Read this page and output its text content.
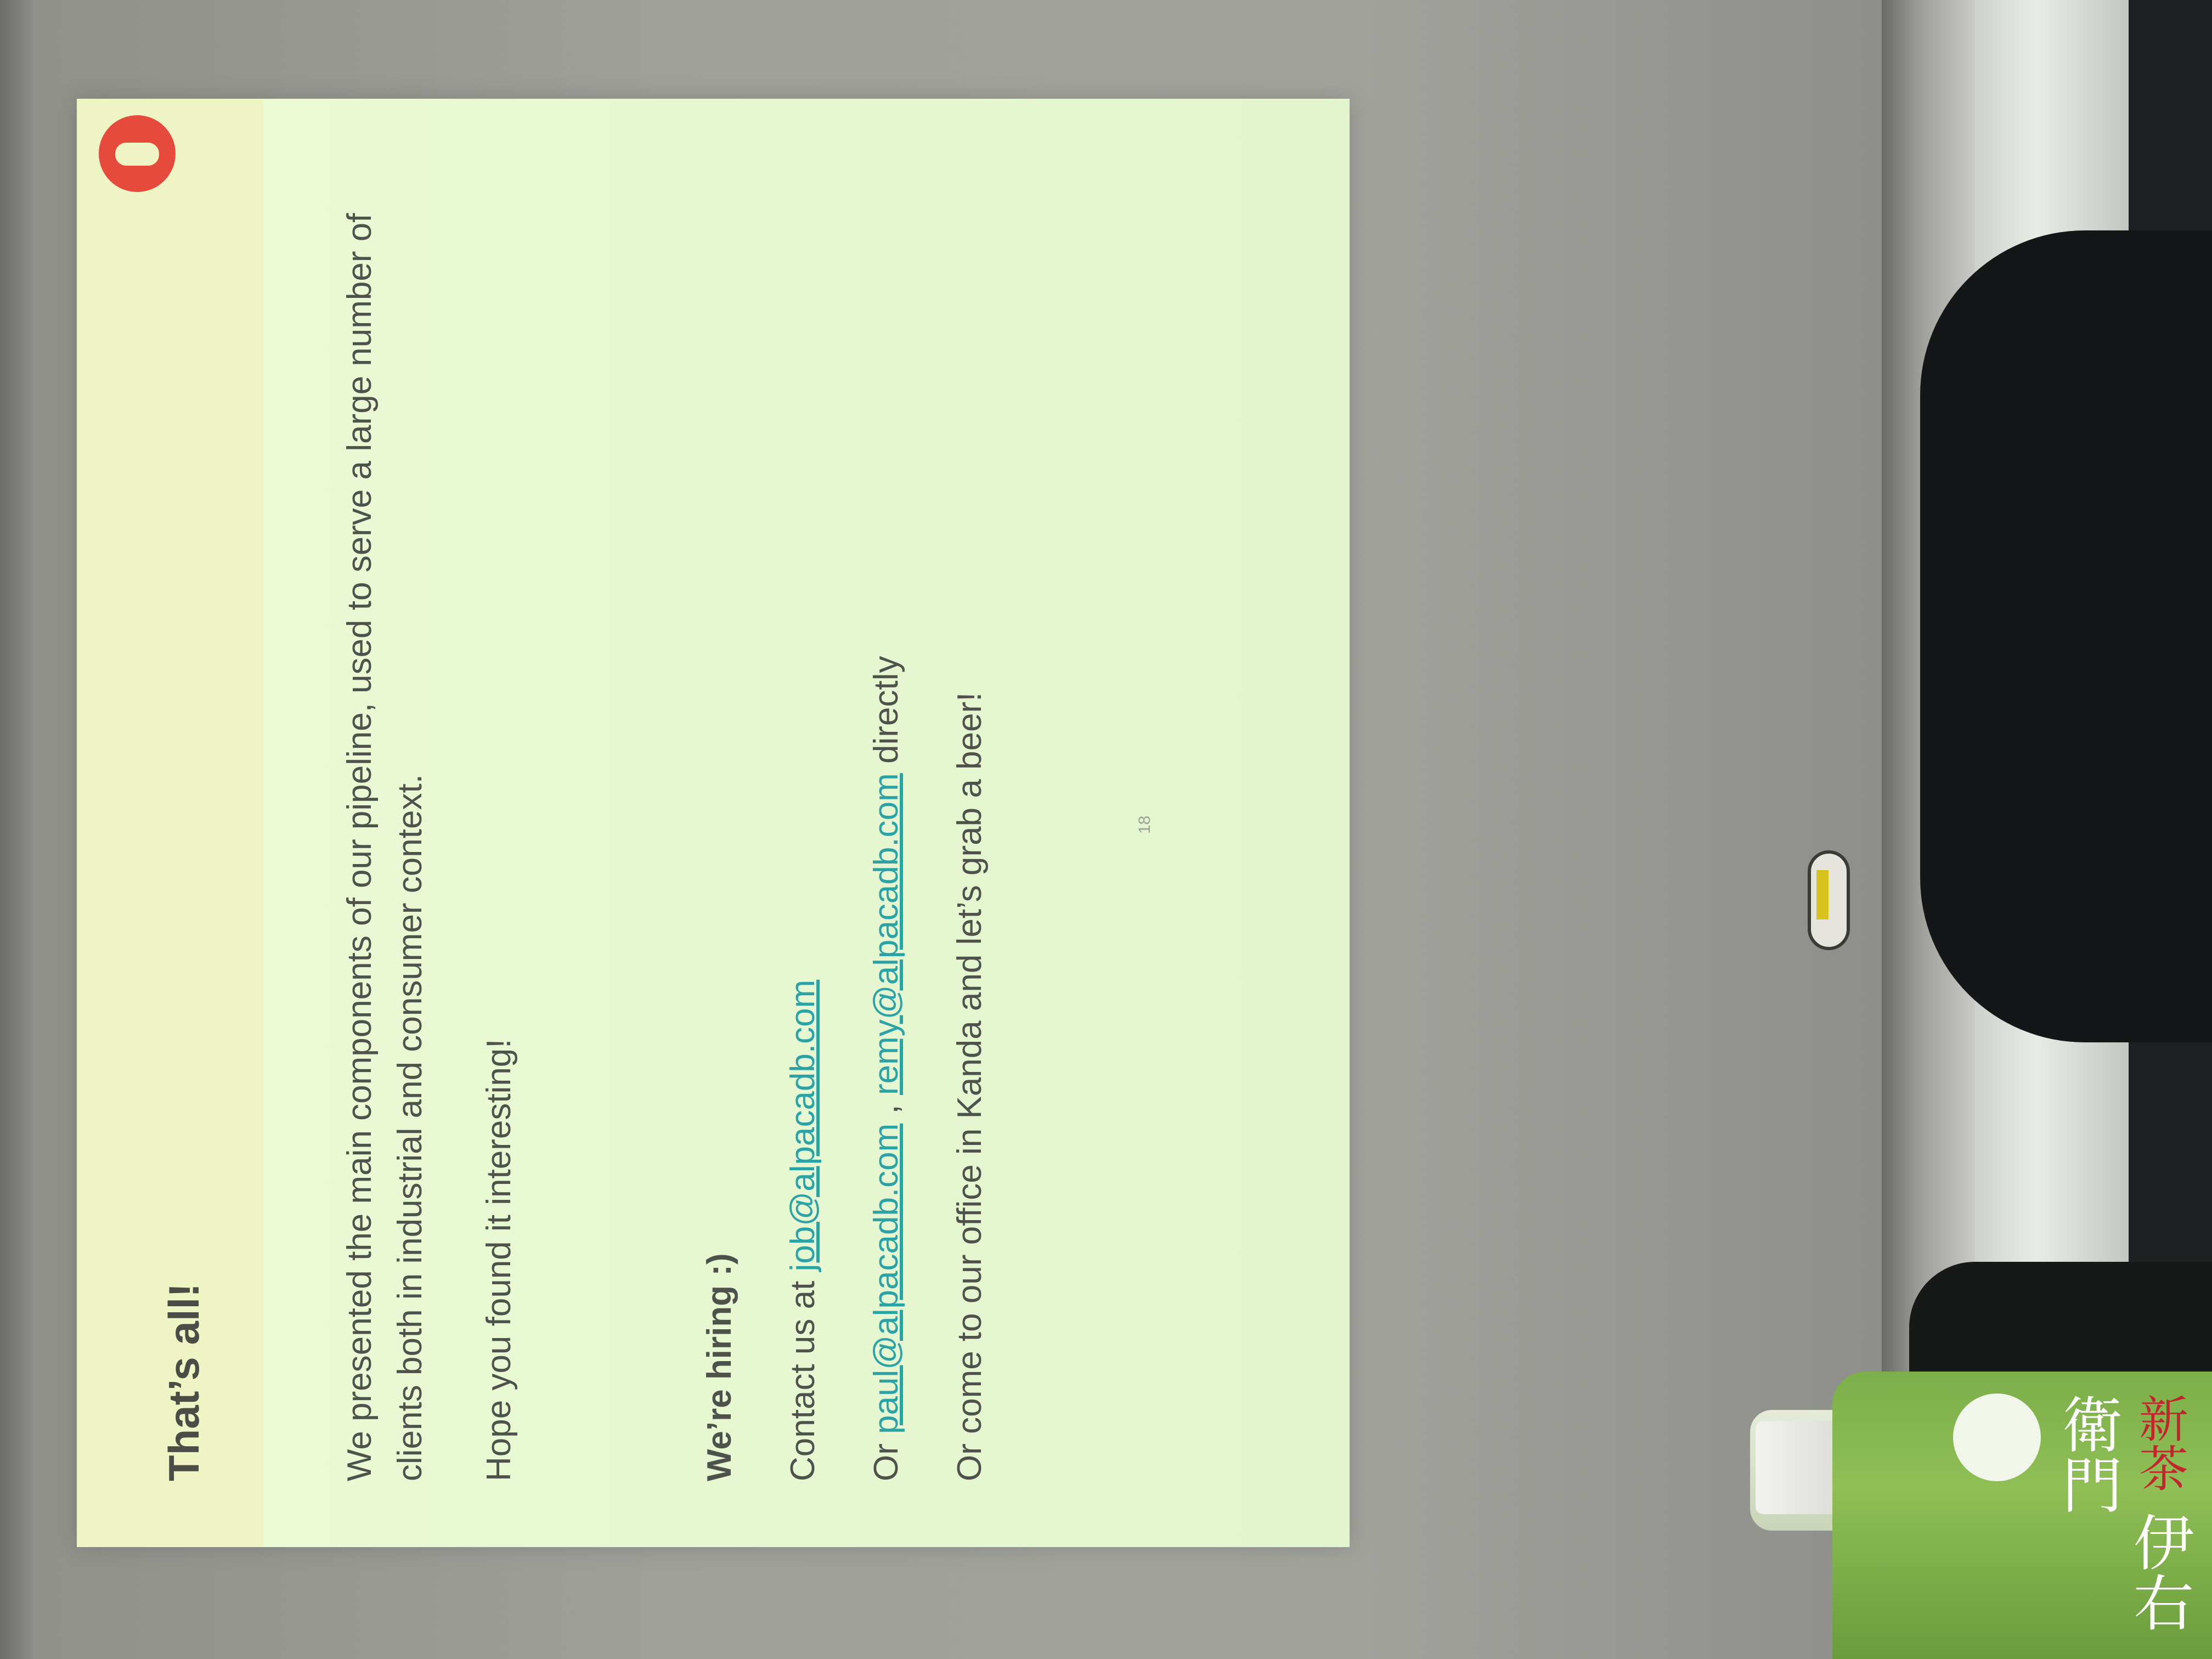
新茶 伊右衛門
That’s all!	We presented the main components of our pipeline, used to serve a large number of clients both in industrial and consumer context. Hope you found it interesting!	We’re hiring :) Contact us at job@alpacadb.com

Or paul@alpacadb.com , remy@alpacadb.com directly Or come to our office in Kanda and let’s grab a beer!	18
